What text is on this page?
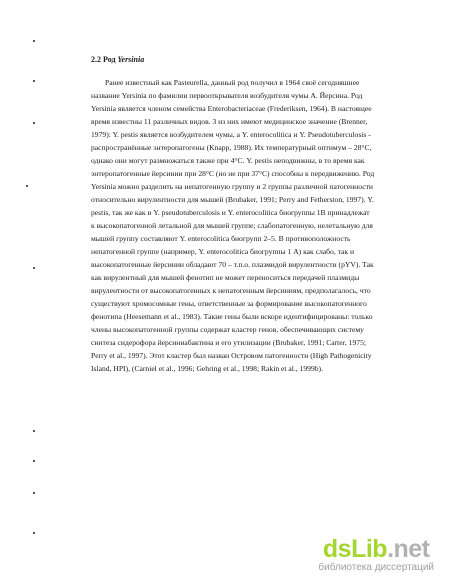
2.2 Род Yersinia
Ранее известный как Pasteurella, данный род получил в 1964 своё сегодняшнее
название Yersinia по фамилии первооткрывателя возбудителя чумы А. Йерсина. Род
Yersinia является членом семейства Enterobacteriaceae (Frederiksen, 1964). В настоящее
время известны 11 различных видов. 3 из них имеют медицинское значение (Brenner,
1979): Y. pestis является возбудителем чумы, а Y. enterocolitica и Y. Pseudotuberculosis -
распространённые энтеропатогены (Knapp, 1988). Их температурный оптимум – 28°С,
однако они могут размножаться также при 4°С. Y. pestis неподвижны, в то время как
энтеропатогенные йерсинии при 28°С (но не при 37°С) способны к передвижению. Род
Yersinia можно разделить на непатогенную группу и 2 группы различной патогенности
относительно вирулентности для мышей (Brubaker, 1991; Perry and Fetherston, 1997). Y.
pestis, так же как и Y. pseudotuberculosis и Y. enterocolitica биогруппы 1В принадлежат
к высокопатогенной летальной для мышей группе; слабопатогенную, нелетальную для
мышей группу составляют Y. enterocolitica биогрупп 2–5. В противоположность
непатогенной группе (например, Y. enterocolitica биогруппы 1 А) как слабо, так и
высокопатогенные йерсинии обладают 70 – т.п.о. плазмидой вирулентности (pYV). Так
как вирулентный для мышей фенотип не может переноситься передачей плазмиды
вирулентности от высокопатогенных к непатогенным йерсиниям, предполагалось, что
существуют хромосомные гены, ответственные за формирование высокопатогенного
фенотипа (Heesemann et al., 1983). Такие гены были вскоре идентифицированы: только
члены высокопатогенной группы содержат кластер генов, обеспечивающих систему
синтеза сидерофора йерсиниабактина и его утилизации (Brubaker, 1991; Carter, 1975;
Perry et al., 1997). Этот кластер был назван Островом патогенности (High Pathogenicity
Island, HPI), (Carniel et al., 1996; Gehring et al., 1998; Rakin et al., 1999b).
dsLib.net
библиотека диссертаций
